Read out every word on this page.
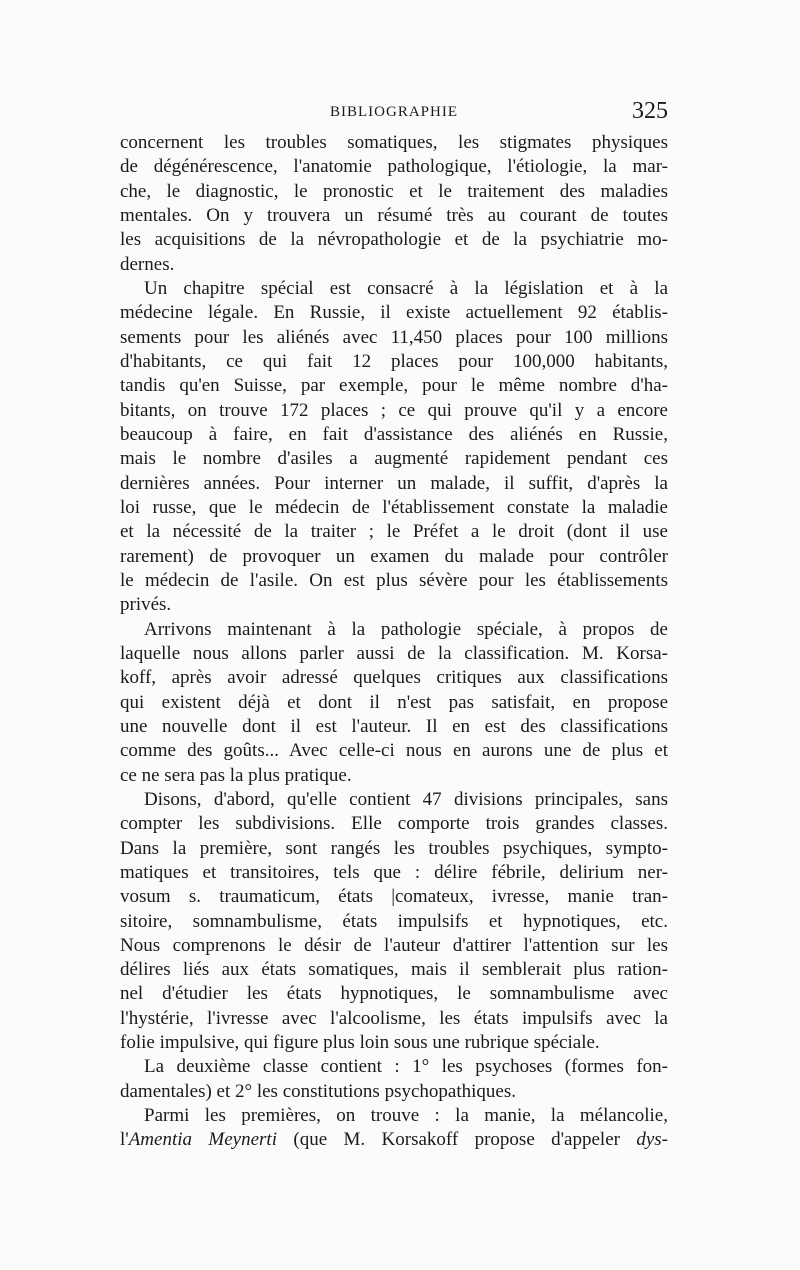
BIBLIOGRAPHIE	325
concernent les troubles somatiques, les stigmates physiques
de dégénérescence, l'anatomie pathologique, l'étiologie, la mar-
che, le diagnostic, le pronostic et le traitement des maladies
mentales. On y trouvera un résumé très au courant de toutes
les acquisitions de la névropathologie et de la psychiatrie mo-
dernes.
Un chapitre spécial est consacré à la législation et à la
médecine légale. En Russie, il existe actuellement 92 établis-
sements pour les aliénés avec 11,450 places pour 100 millions
d'habitants, ce qui fait 12 places pour 100,000 habitants,
tandis qu'en Suisse, par exemple, pour le même nombre d'ha-
bitants, on trouve 172 places ; ce qui prouve qu'il y a encore
beaucoup à faire, en fait d'assistance des aliénés en Russie,
mais le nombre d'asiles a augmenté rapidement pendant ces
dernières années. Pour interner un malade, il suffit, d'après la
loi russe, que le médecin de l'établissement constate la maladie
et la nécessité de la traiter ; le Préfet a le droit (dont il use
rarement) de provoquer un examen du malade pour contrôler
le médecin de l'asile. On est plus sévère pour les établissements
privés.
Arrivons maintenant à la pathologie spéciale, à propos de
laquelle nous allons parler aussi de la classification. M. Korsa-
koff, après avoir adressé quelques critiques aux classifications
qui existent déjà et dont il n'est pas satisfait, en propose
une nouvelle dont il est l'auteur. Il en est des classifications
comme des goûts... Avec celle-ci nous en aurons une de plus et
ce ne sera pas la plus pratique.
Disons, d'abord, qu'elle contient 47 divisions principales, sans
compter les subdivisions. Elle comporte trois grandes classes.
Dans la première, sont rangés les troubles psychiques, sympto-
matiques et transitoires, tels que : délire fébrile, delirium ner-
vosum s. traumaticum, états |comateux, ivresse, manie tran-
sitoire, somnambulisme, états impulsifs et hypnotiques, etc.
Nous comprenons le désir de l'auteur d'attirer l'attention sur les
délires liés aux états somatiques, mais il semblerait plus ration-
nel d'étudier les états hypnotiques, le somnambulisme avec
l'hystérie, l'ivresse avec l'alcoolisme, les états impulsifs avec la
folie impulsive, qui figure plus loin sous une rubrique spéciale.
La deuxième classe contient : 1° les psychoses (formes fon-
damentales) et 2° les constitutions psychopathiques.
Parmi les premières, on trouve : la manie, la mélancolie,
l'Amentia Meynerti (que M. Korsakoff propose d'appeler dys-
